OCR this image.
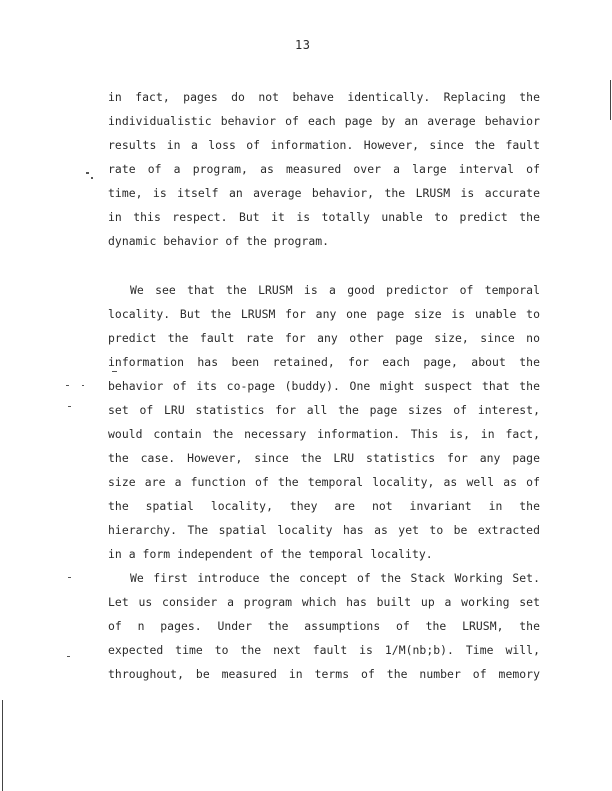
13
in fact, pages do not behave identically. Replacing the
individualistic behavior of each page by an average behavior
results in a loss of information. However, since the fault
rate of a program, as measured over a large interval of
time, is itself an average behavior, the LRUSM is accurate
in this respect. But it is totally unable to predict the
dynamic behavior of the program.
We see that the LRUSM is a good predictor of temporal
locality. But the LRUSM for any one page size is unable to
predict the fault rate for any other page size, since no
information has been retained, for each page, about the
behavior of its co-page (buddy). One might suspect that the
set of LRU statistics for all the page sizes of interest,
would contain the necessary information. This is, in fact,
the case. However, since the LRU statistics for any page
size are a function of the temporal locality, as well as of
the spatial locality, they are not invariant in the
hierarchy. The spatial locality has as yet to be extracted
in a form independent of the temporal locality.
We first introduce the concept of the Stack Working Set.
Let us consider a program which has built up a working set
of n pages. Under the assumptions of the LRUSM, the
expected time to the next fault is 1/M(nb;b). Time will,
throughout, be measured in terms of the number of memory
